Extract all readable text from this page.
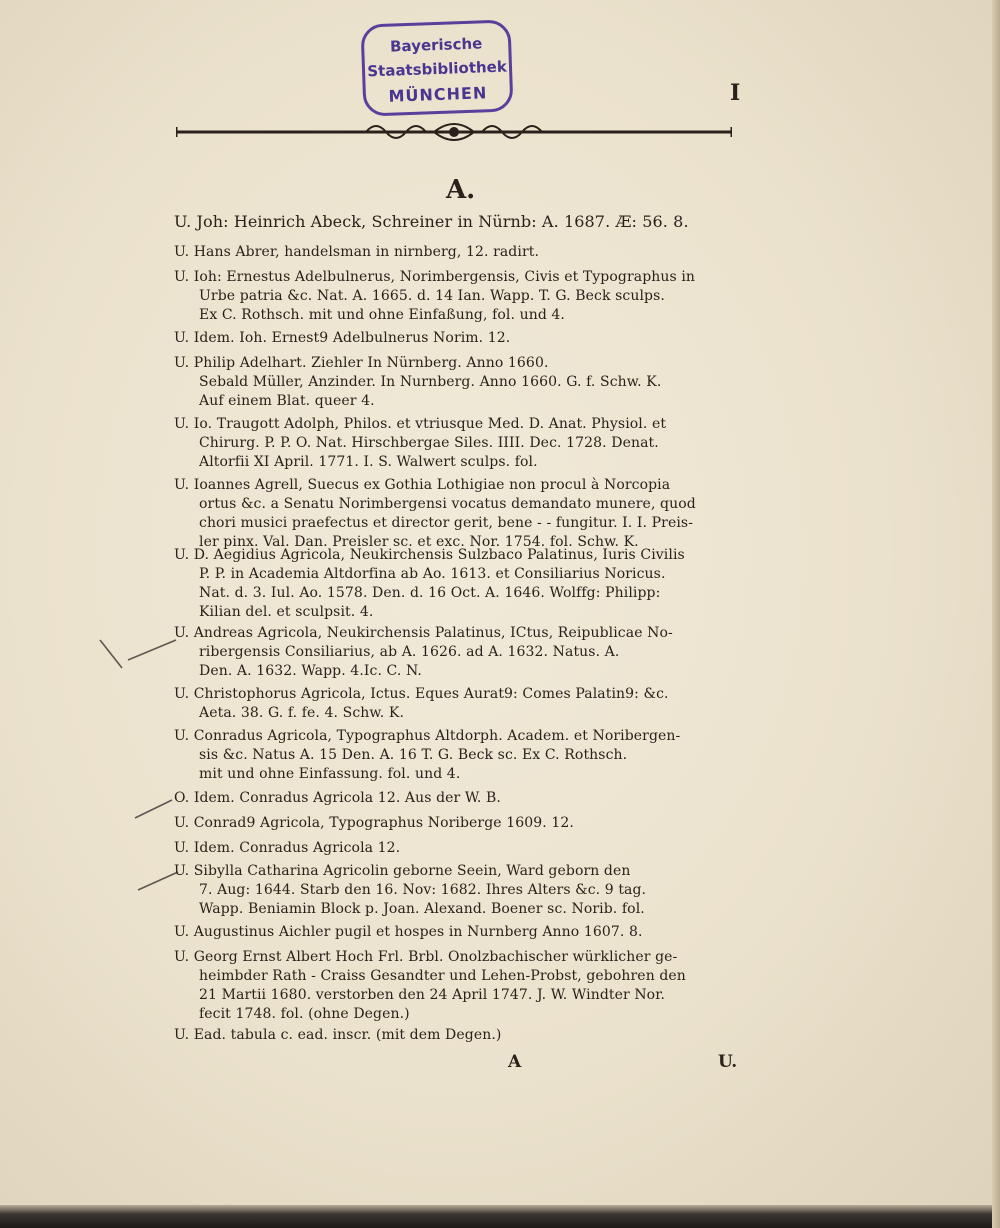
Bayerische
Staatsbibliothek
MÜNCHEN	I
A.
U. Joh: Heinrich Abeck, Schreiner in Nürnb: A. 1687. Æ: 56. 8.
U. Hans Abrer, handelsman in nirnberg, 12. radirt.
U. Ioh: Ernestus Adelbulnerus, Norimbergensis, Civis et Typographus in
Urbe patria &c. Nat. A. 1665. d. 14 Ian. Wapp. T. G. Beck sculps.
Ex C. Rothsch. mit und ohne Einfaßung, fol. und 4.
U. Idem. Ioh. Ernest9 Adelbulnerus Norim. 12.
U. Philip Adelhart. Ziehler In Nürnberg. Anno 1660.
Sebald Müller, Anzinder. In Nurnberg. Anno 1660. G. f. Schw. K.
Auf einem Blat. queer 4.
U. Io. Traugott Adolph, Philos. et vtriusque Med. D. Anat. Physiol. et
Chirurg. P. P. O. Nat. Hirschbergae Siles. IIII. Dec. 1728. Denat.
Altorfii XI April. 1771. I. S. Walwert sculps. fol.
U. Ioannes Agrell, Suecus ex Gothia Lothigiae non procul à Norcopia
ortus &c. a Senatu Norimbergensi vocatus demandato munere, quod
chori musici praefectus et director gerit, bene - - fungitur. I. I. Preis-
ler pinx. Val. Dan. Preisler sc. et exc. Nor. 1754. fol. Schw. K.
U. D. Aegidius Agricola, Neukirchensis Sulzbaco Palatinus, Iuris Civilis
P. P. in Academia Altdorfina ab Ao. 1613. et Consiliarius Noricus.
Nat. d. 3. Iul. Ao. 1578. Den. d. 16 Oct. A. 1646. Wolffg: Philipp:
Kilian del. et sculpsit. 4.
U. Andreas Agricola, Neukirchensis Palatinus, ICtus, Reipublicae No-
ribergensis Consiliarius, ab A. 1626. ad A. 1632. Natus. A.
Den. A. 1632. Wapp. 4.Ic. C. N.
U. Christophorus Agricola, Ictus. Eques Aurat9: Comes Palatin9: &c.
Aeta. 38. G. f. fe. 4. Schw. K.
U. Conradus Agricola, Typographus Altdorph. Academ. et Noribergen-
sis &c. Natus A. 15 Den. A. 16 T. G. Beck sc. Ex C. Rothsch.
mit und ohne Einfassung. fol. und 4.
O. Idem. Conradus Agricola 12. Aus der W. B.
U. Conrad9 Agricola, Typographus Noriberge 1609. 12.
U. Idem. Conradus Agricola 12.
U. Sibylla Catharina Agricolin geborne Seein, Ward geborn den
7. Aug: 1644. Starb den 16. Nov: 1682. Ihres Alters &c. 9 tag.
Wapp. Beniamin Block p. Joan. Alexand. Boener sc. Norib. fol.
U. Augustinus Aichler pugil et hospes in Nurnberg Anno 1607. 8.
U. Georg Ernst Albert Hoch Frl. Brbl. Onolzbachischer würklicher ge-
heimbder Rath - Craiss Gesandter und Lehen-Probst, gebohren den
21 Martii 1680. verstorben den 24 April 1747. J. W. Windter Nor.
fecit 1748. fol. (ohne Degen.)
U. Ead. tabula c. ead. inscr. (mit dem Degen.)
A	U.
